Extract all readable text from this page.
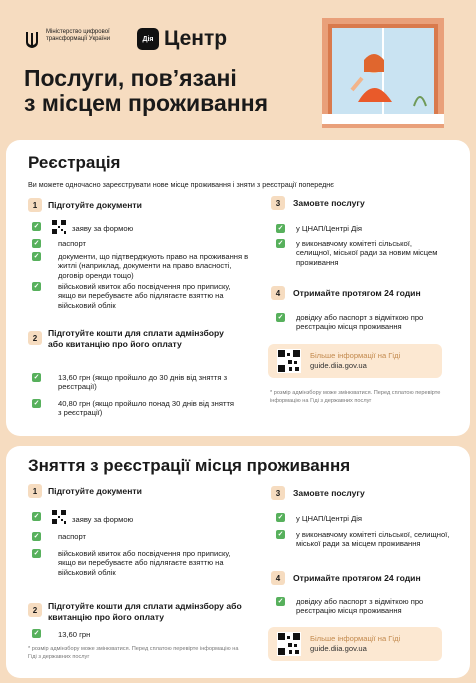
Міністерство цифрової трансформації України	Дія Центр
Послуги, пов’язані
з місцем проживання
Реєстрація
Ви можете одночасно зареєструвати нове місце проживання і зняти з реєстрації попереднє
1	Підготуйте документи
✓	заяву за формою
✓ паспорт
✓ документи, що підтверджують право на проживання в житлі (наприклад, документи на право власності, договір оренди тощо)
✓ військовий квиток або посвідчення про приписку, якщо ви перебуваєте або підлягаєте взяттю на військовий облік
2	Підготуйте кошти для сплати адмінзбору або квитанцію про його оплату
✓ 13,60 грн (якщо пройшло до 30 днів від зняття з реєстрації)
✓ 40,80 грн (якщо пройшло понад 30 днів від зняття з реєстрації)
3	Замовте послугу
✓ у ЦНАП/Центрі Дія
✓ у виконавчому комітеті сільської, селищної, міської ради за новим місцем проживання
4	Отримайте протягом 24 годин
✓ довідку або паспорт з відміткою про реєстрацію місця проживання
Більше інформації на Гіді
guide.diia.gov.ua
* розмір адмінзбору може змінюватися. Перед сплатою перевірте інформацію на Гіді з державних послуг
Зняття з реєстрації місця проживання
1	Підготуйте документи
✓	заяву за формою
✓ паспорт
✓ військовий квиток або посвідчення про приписку, якщо ви перебуваєте або підлягаєте взяттю на військовий облік
2	Підготуйте кошти для сплати адмінзбору або квитанцію про його оплату
✓ 13,60 грн
* розмір адмінзбору може змінюватися. Перед сплатою перевірте інформацію на Гіді з державних послуг
3	Замовте послугу
✓ у ЦНАП/Центрі Дія
✓ у виконавчому комітеті сільської, селищної, міської ради за місцем проживання
4	Отримайте протягом 24 годин
✓ довідку або паспорт з відміткою про реєстрацію місця проживання
Більше інформації на Гіді
guide.diia.gov.ua
